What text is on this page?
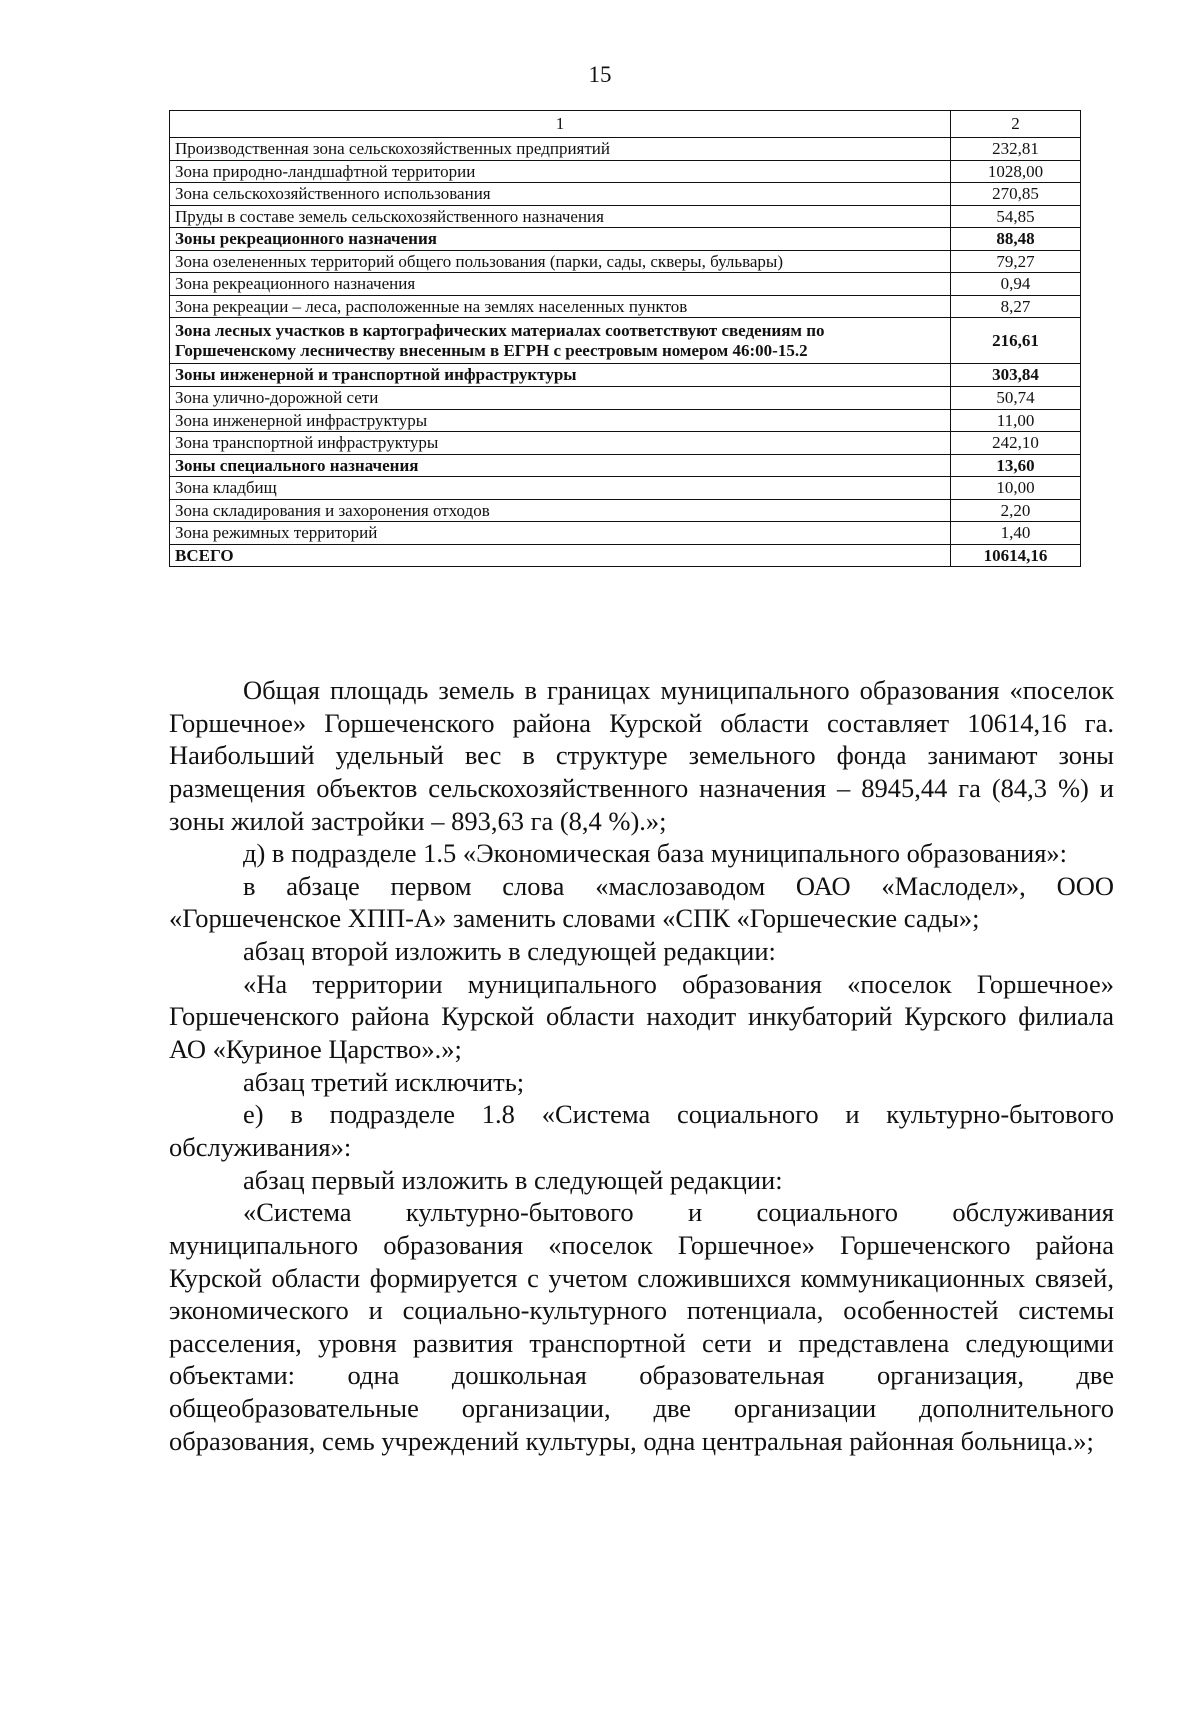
15
1	2
Производственная зона сельскохозяйственных предприятий	232,81
Зона природно-ландшафтной территории	1028,00
Зона сельскохозяйственного использования	270,85
Пруды в составе земель сельскохозяйственного назначения	54,85
Зоны рекреационного назначения	88,48
Зона озелененных территорий общего пользования (парки, сады, скверы, бульвары)	79,27
Зона рекреационного назначения	0,94
Зона рекреации – леса, расположенные на землях населенных пунктов	8,27
Зона лесных участков в картографических материалах соответствуют сведениям по Горшеченскому лесничеству внесенным в ЕГРН с реестровым номером 46:00-15.2	216,61
Зоны инженерной и транспортной инфраструктуры	303,84
Зона улично-дорожной сети	50,74
Зона инженерной инфраструктуры	11,00
Зона транспортной инфраструктуры	242,10
Зоны специального назначения	13,60
Зона кладбищ	10,00
Зона складирования и захоронения отходов	2,20
Зона режимных территорий	1,40
ВСЕГО	10614,16

Общая площадь земель в границах муниципального образования «поселок Горшечное» Горшеченского района Курской области составляет 10614,16 га. Наибольший удельный вес в структуре земельного фонда занимают зоны размещения объектов сельскохозяйственного назначения – 8945,44 га (84,3 %) и зоны жилой застройки – 893,63 га (8,4 %).»;

д) в подразделе 1.5 «Экономическая база муниципального образования»:

в абзаце первом слова «маслозаводом ОАО «Маслодел», ООО «Горшеченское ХПП-А» заменить словами «СПК «Горшеческие сады»;

абзац второй изложить в следующей редакции:

«На территории муниципального образования «поселок Горшечное» Горшеченского района Курской области находит инкубаторий Курского филиала АО «Куриное Царство».»;

абзац третий исключить;

е) в подразделе 1.8 «Система социального и культурно-бытового обслуживания»:

абзац первый изложить в следующей редакции:

«Система культурно-бытового и социального обслуживания муниципального образования «поселок Горшечное» Горшеченского района Курской области формируется с учетом сложившихся коммуникационных связей, экономического и социально-культурного потенциала, особенностей системы расселения, уровня развития транспортной сети и представлена следующими объектами: одна дошкольная образовательная организация, две общеобразовательные организации, две организации дополнительного образования, семь учреждений культуры, одна центральная районная больница.»;
